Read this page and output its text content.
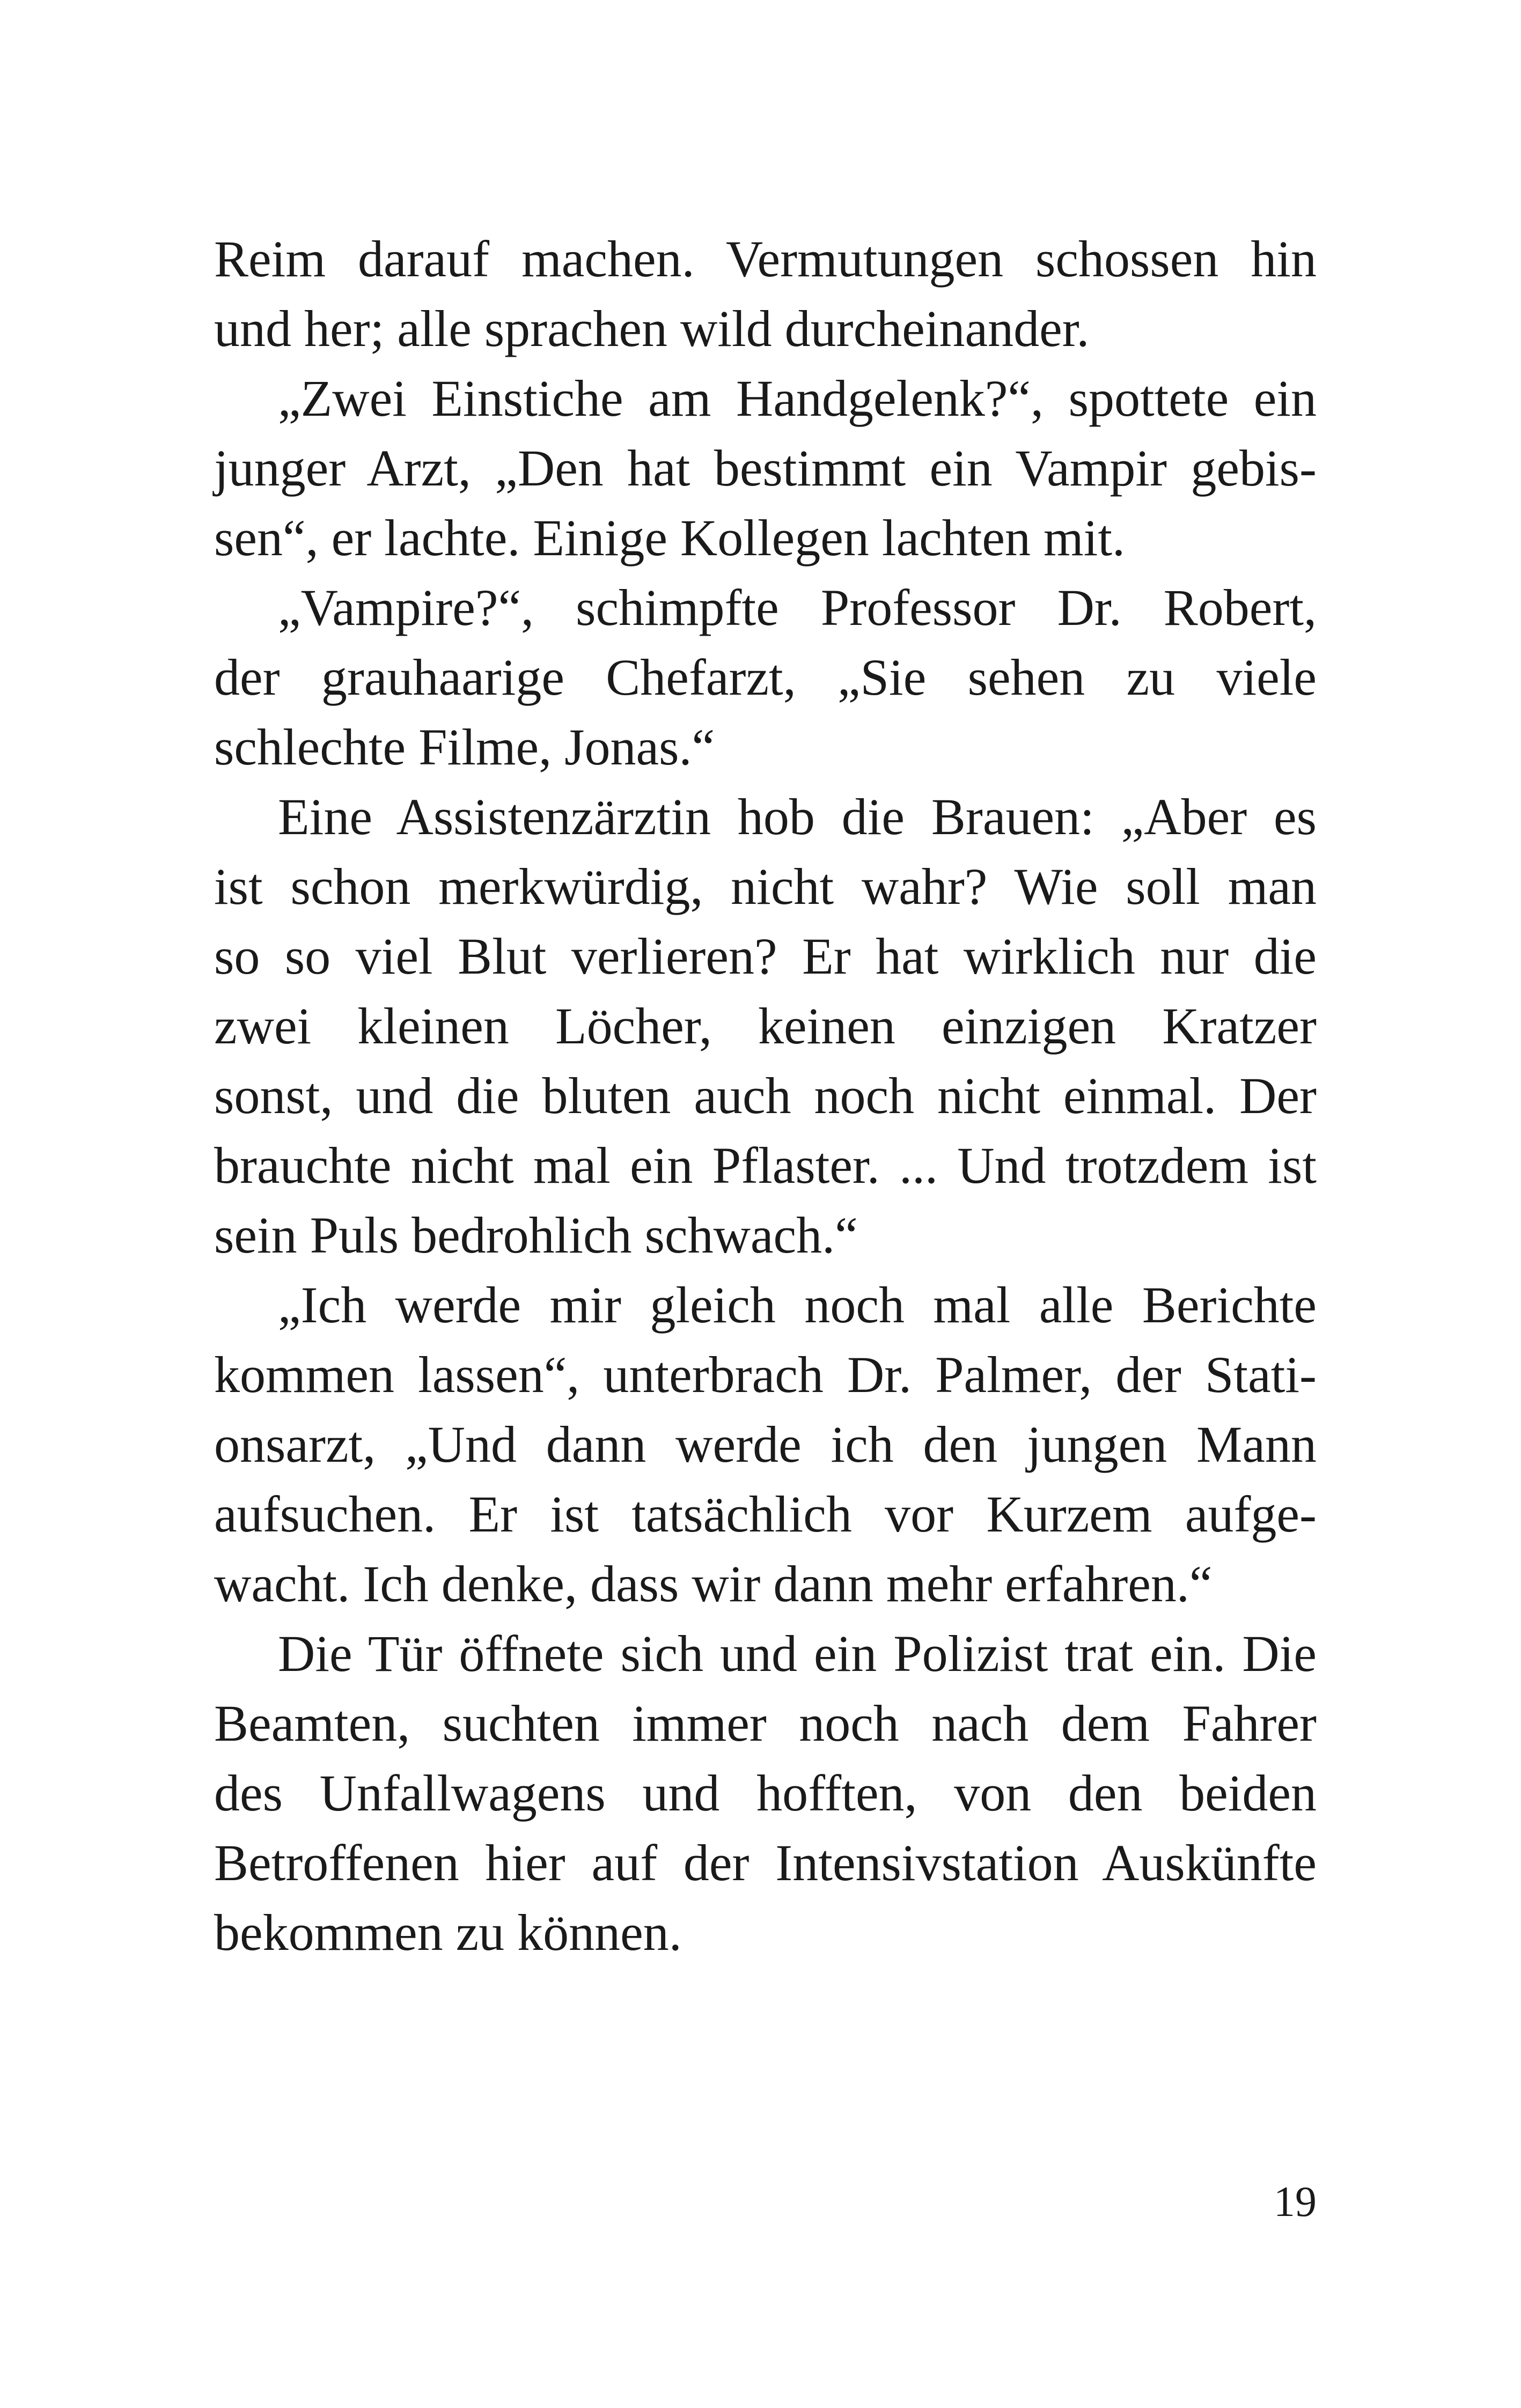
Reim darauf machen. Vermutungen schossen hin
und her; alle sprachen wild durcheinander.
„Zwei Einstiche am Handgelenk?“, spottete ein
junger Arzt, „Den hat bestimmt ein Vampir gebis-
sen“, er lachte. Einige Kollegen lachten mit.
„Vampire?“, schimpfte Professor Dr. Robert,
der grauhaarige Chefarzt, „Sie sehen zu viele
schlechte Filme, Jonas.“
Eine Assistenzärztin hob die Brauen: „Aber es
ist schon merkwürdig, nicht wahr? Wie soll man
so so viel Blut verlieren? Er hat wirklich nur die
zwei kleinen Löcher, keinen einzigen Kratzer
sonst, und die bluten auch noch nicht einmal. Der
brauchte nicht mal ein Pflaster. ... Und trotzdem ist
sein Puls bedrohlich schwach.“
„Ich werde mir gleich noch mal alle Berichte
kommen lassen“, unterbrach Dr. Palmer, der Stati-
onsarzt, „Und dann werde ich den jungen Mann
aufsuchen. Er ist tatsächlich vor Kurzem aufge-
wacht. Ich denke, dass wir dann mehr erfahren.“
Die Tür öffnete sich und ein Polizist trat ein. Die
Beamten, suchten immer noch nach dem Fahrer
des Unfallwagens und hofften, von den beiden
Betroffenen hier auf der Intensivstation Auskünfte
bekommen zu können.
19
